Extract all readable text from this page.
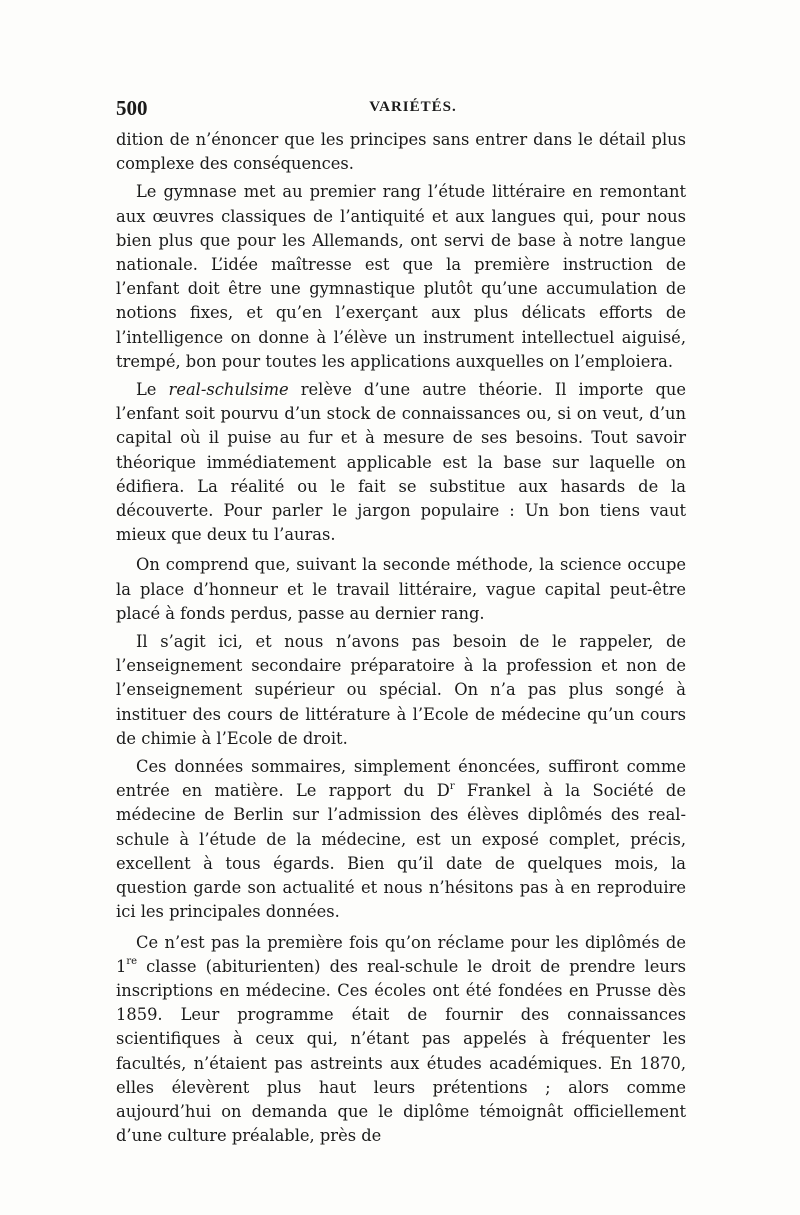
500	VARIÉTÉS.

dition de n’énoncer que les principes sans entrer dans le détail plus complexe des conséquences.

Le gymnase met au premier rang l’étude littéraire en remontant aux œuvres classiques de l’antiquité et aux langues qui, pour nous bien plus que pour les Allemands, ont servi de base à notre langue nationale. L’idée maîtresse est que la première instruction de l’enfant doit être une gymnastique plutôt qu’une accumulation de notions fixes, et qu’en l’exerçant aux plus délicats efforts de l’intelligence on donne à l’élève un instrument intellectuel aiguisé, trempé, bon pour toutes les applications auxquelles on l’emploiera.

Le real-schulsime relève d’une autre théorie. Il importe que l’enfant soit pourvu d’un stock de connaissances ou, si on veut, d’un capital où il puise au fur et à mesure de ses besoins. Tout savoir théorique immédiatement applicable est la base sur laquelle on édifiera. La réalité ou le fait se substitue aux hasards de la découverte. Pour parler le jargon populaire : Un bon tiens vaut mieux que deux tu l’auras.

On comprend que, suivant la seconde méthode, la science occupe la place d’honneur et le travail littéraire, vague capital peut-être placé à fonds perdus, passe au dernier rang.

Il s’agit ici, et nous n’avons pas besoin de le rappeler, de l’enseignement secondaire préparatoire à la profession et non de l’enseignement supérieur ou spécial. On n’a pas plus songé à instituer des cours de littérature à l’Ecole de médecine qu’un cours de chimie à l’Ecole de droit.

Ces données sommaires, simplement énoncées, suffiront comme entrée en matière. Le rapport du $D^r$ Frankel à la Société de médecine de Berlin sur l’admission des élèves diplômés des real-schule à l’étude de la médecine, est un exposé complet, précis, excellent à tous égards. Bien qu’il date de quelques mois, la question garde son actualité et nous n’hésitons pas à en reproduire ici les principales données.

Ce n’est pas la première fois qu’on réclame pour les diplômés de 1re classe (abiturienten) des real-schule le droit de prendre leurs inscriptions en médecine. Ces écoles ont été fondées en Prusse dès 1859. Leur programme était de fournir des connaissances scientifiques à ceux qui, n’étant pas appelés à fréquenter les facultés, n’étaient pas astreints aux études académiques. En 1870, elles élevèrent plus haut leurs prétentions ; alors comme aujourd’hui on demanda que le diplôme témoignât officiellement d’une culture préalable, près de
